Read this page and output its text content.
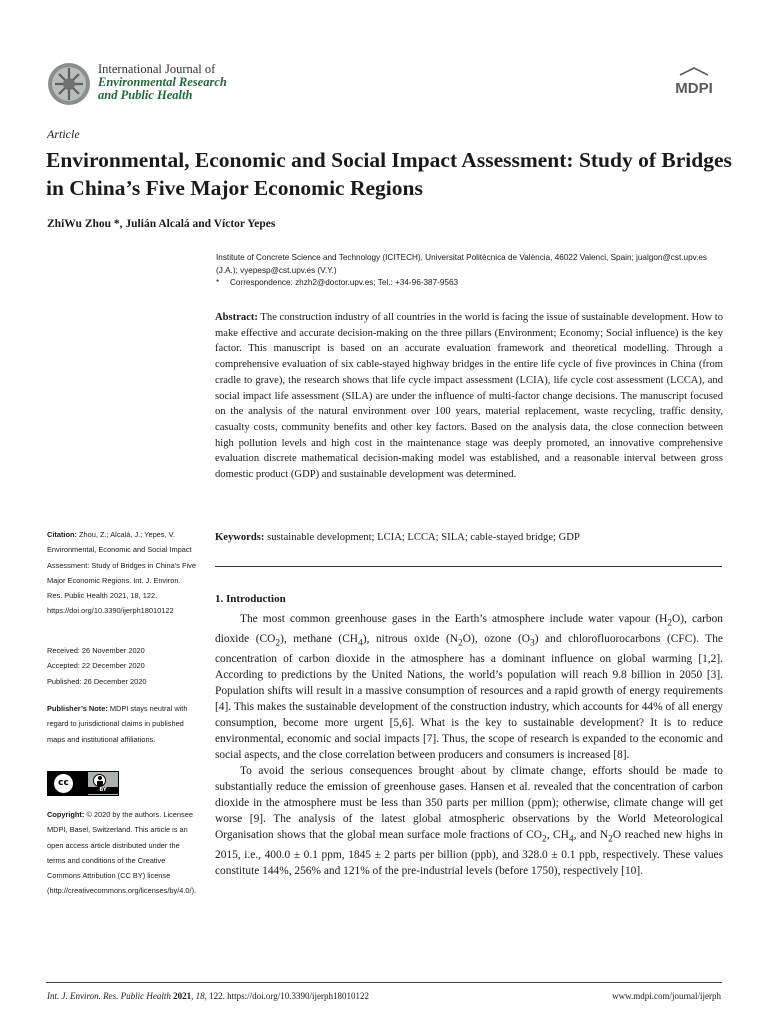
International Journal of
Environmental Research
and Public Health	MDPI
Article
Environmental, Economic and Social Impact Assessment: Study of Bridges in China’s Five Major Economic Regions
ZhiWu Zhou *, Julián Alcalá and Víctor Yepes
Institute of Concrete Science and Technology (ICITECH), Universitat Politècnica de València, 46022 Valenci, Spain; jualgon@cst.upv.es (J.A.); vyepesp@cst.upv.es (V.Y.)
* Correspondence: zhzh2@doctor.upv.es; Tel.: +34-96-387-9563
Abstract: The construction industry of all countries in the world is facing the issue of sustainable development. How to make effective and accurate decision-making on the three pillars (Environment; Economy; Social influence) is the key factor. This manuscript is based on an accurate evaluation framework and theoretical modelling. Through a comprehensive evaluation of six cable-stayed highway bridges in the entire life cycle of five provinces in China (from cradle to grave), the research shows that life cycle impact assessment (LCIA), life cycle cost assessment (LCCA), and social impact life assessment (SILA) are under the influence of multi-factor change decisions. The manuscript focused on the analysis of the natural environment over 100 years, material replacement, waste recycling, traffic density, casualty costs, community benefits and other key factors. Based on the analysis data, the close connection between high pollution levels and high cost in the maintenance stage was deeply promoted, an innovative comprehensive evaluation discrete mathematical decision-making model was established, and a reasonable interval between gross domestic product (GDP) and sustainable development was determined.
Keywords: sustainable development; LCIA; LCCA; SILA; cable-stayed bridge; GDP
1. Introduction

The most common greenhouse gases in the Earth’s atmosphere include water vapour $(H_2O)$, carbon dioxide $(CO_2)$, methane $(CH_4)$, nitrous oxide $(N_2O)$, ozone $(O_3)$ and chlorofluorocarbons (CFC). The concentration of carbon dioxide in the atmosphere has a dominant influence on global warming [1,2]. According to predictions by the United Nations, the world’s population will reach 9.8 billion in 2050 [3]. Population shifts will result in a massive consumption of resources and a rapid growth of energy requirements [4]. This makes the sustainable development of the construction industry, which accounts for 44% of all energy consumption, become more urgent [5,6]. What is the key to sustainable development? It is to reduce environmental, economic and social impacts [7]. Thus, the scope of research is expanded to the economic and social aspects, and the close correlation between producers and consumers is increased [8].

To avoid the serious consequences brought about by climate change, efforts should be made to substantially reduce the emission of greenhouse gases. Hansen et al. revealed that the concentration of carbon dioxide in the atmosphere must be less than 350 parts per million (ppm); otherwise, climate change will get worse [9]. The analysis of the latest global atmospheric observations by the World Meteorological Organisation shows that the global mean surface mole fractions of $CO_2$, $CH_4$, and $N_2O$ reached new highs in 2015, i.e., 400.0 ± 0.1 ppm, 1845 ± 2 parts per billion (ppb), and 328.0 ± 0.1 ppb, respectively. These values constitute 144%, 256% and 121% of the pre-industrial levels (before 1750), respectively [10].

Citation: Zhou, Z.; Alcalá, J.; Yepes, V. Environmental, Economic and Social Impact Assessment: Study of Bridges in China’s Five Major Economic Regions. Int. J. Environ. Res. Public Health 2021, 18, 122. https://doi.org/10.3390/ijerph18010122
Received: 26 November 2020
Accepted: 22 December 2020
Published: 26 December 2020
Publisher’s Note: MDPI stays neutral with regard to jurisdictional claims in published maps and institutional affiliations.
cc
BY
Copyright: © 2020 by the authors. Licensee MDPI, Basel, Switzerland. This article is an open access article distributed under the terms and conditions of the Creative Commons Attribution (CC BY) license (http://creativecommons.org/licenses/by/4.0/).
Int. J. Environ. Res. Public Health 2021, 18, 122. https://doi.org/10.3390/ijerph18010122	www.mdpi.com/journal/ijerph
